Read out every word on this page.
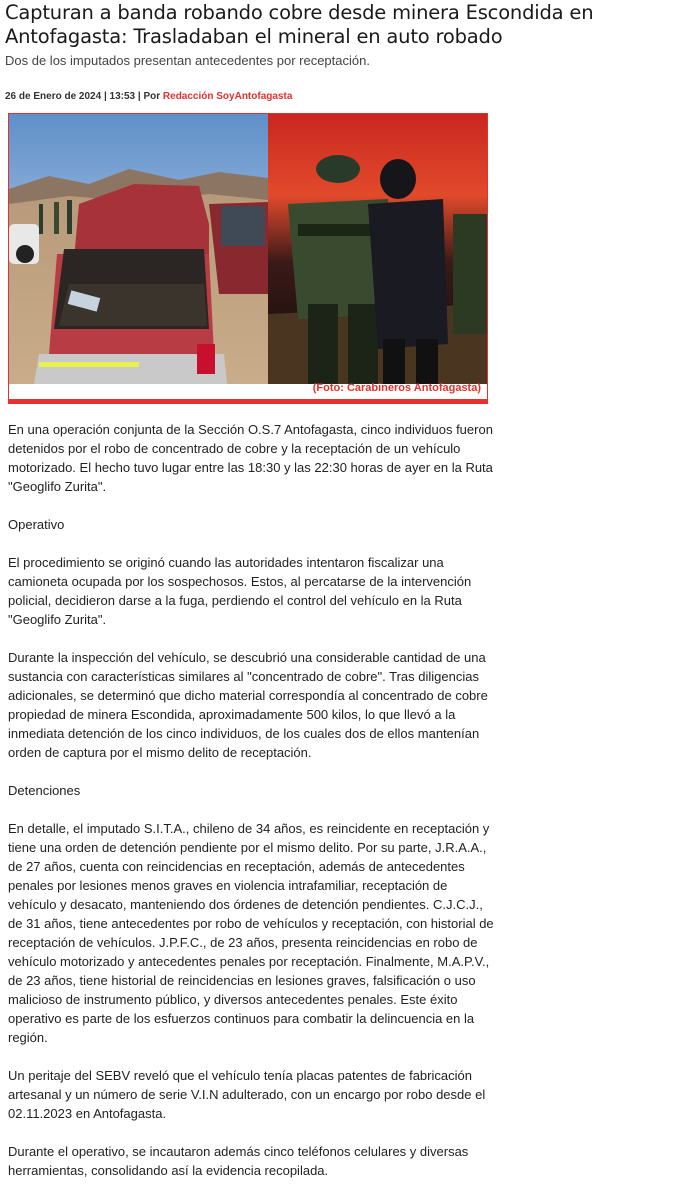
Capturan a banda robando cobre desde minera Escondida en Antofagasta: Trasladaban el mineral en auto robado
Dos de los imputados presentan antecedentes por receptación.
26 de Enero de 2024 | 13:53 | Por Redacción SoyAntofagasta
(Foto: Carabineros Antofagasta)

En una operación conjunta de la Sección O.S.7 Antofagasta, cinco individuos fueron detenidos por el robo de concentrado de cobre y la receptación de un vehículo motorizado. El hecho tuvo lugar entre las 18:30 y las 22:30 horas de ayer en la Ruta "Geoglifo Zurita".

Operativo

El procedimiento se originó cuando las autoridades intentaron fiscalizar una camioneta ocupada por los sospechosos. Estos, al percatarse de la intervención policial, decidieron darse a la fuga, perdiendo el control del vehículo en la Ruta "Geoglifo Zurita".

Durante la inspección del vehículo, se descubrió una considerable cantidad de una sustancia con características similares al "concentrado de cobre". Tras diligencias adicionales, se determinó que dicho material correspondía al concentrado de cobre propiedad de minera Escondida, aproximadamente 500 kilos, lo que llevó a la inmediata detención de los cinco individuos, de los cuales dos de ellos mantenían orden de captura por el mismo delito de receptación.

Detenciones

En detalle, el imputado S.I.T.A., chileno de 34 años, es reincidente en receptación y tiene una orden de detención pendiente por el mismo delito. Por su parte, J.R.A.A., de 27 años, cuenta con reincidencias en receptación, además de antecedentes penales por lesiones menos graves en violencia intrafamiliar, receptación de vehículo y desacato, manteniendo dos órdenes de detención pendientes. C.J.C.J., de 31 años, tiene antecedentes por robo de vehículos y receptación, con historial de receptación de vehículos. J.P.F.C., de 23 años, presenta reincidencias en robo de vehículo motorizado y antecedentes penales por receptación. Finalmente, M.A.P.V., de 23 años, tiene historial de reincidencias en lesiones graves, falsificación o uso malicioso de instrumento público, y diversos antecedentes penales. Este éxito operativo es parte de los esfuerzos continuos para combatir la delincuencia en la región.

Un peritaje del SEBV reveló que el vehículo tenía placas patentes de fabricación artesanal y un número de serie V.I.N adulterado, con un encargo por robo desde el 02.11.2023 en Antofagasta.

Durante el operativo, se incautaron además cinco teléfonos celulares y diversas herramientas, consolidando así la evidencia recopilada.
